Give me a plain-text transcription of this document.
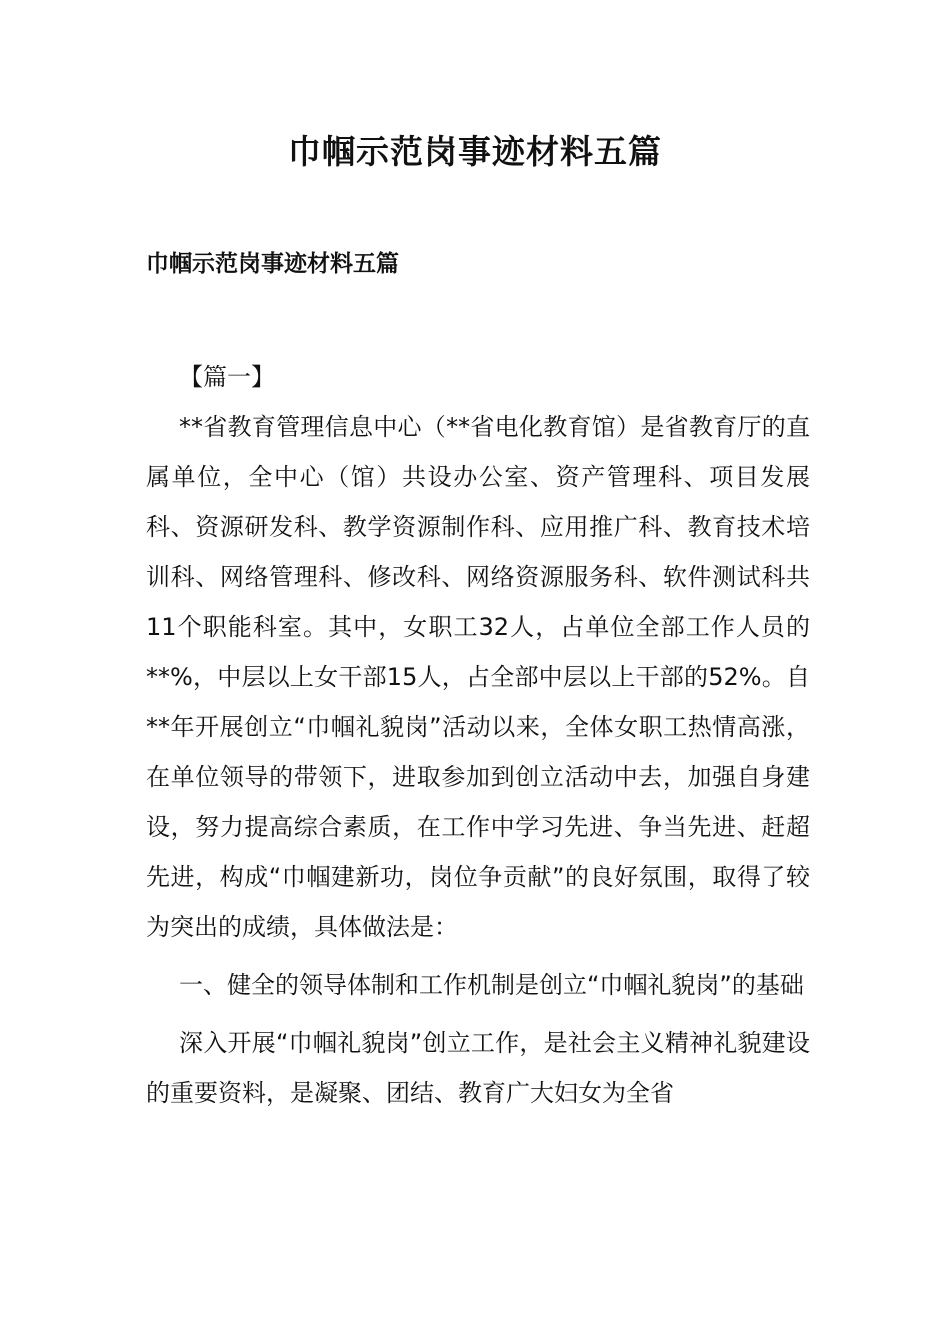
巾帼示范岗事迹材料五篇
巾帼示范岗事迹材料五篇

【篇一】

**省教育管理信息中心（**省电化教育馆）是省教育厅的直属单位，全中心（馆）共设办公室、资产管理科、项目发展科、资源研发科、教学资源制作科、应用推广科、教育技术培训科、网络管理科、修改科、网络资源服务科、软件测试科共11个职能科室。其中，女职工32人，占单位全部工作人员的**%，中层以上女干部15人，占全部中层以上干部的52%。自**年开展创立“巾帼礼貌岗”活动以来，全体女职工热情高涨，在单位领导的带领下，进取参加到创立活动中去，加强自身建设，努力提高综合素质，在工作中学习先进、争当先进、赶超先进，构成“巾帼建新功，岗位争贡献”的良好氛围，取得了较为突出的成绩，具体做法是：

一、健全的领导体制和工作机制是创立“巾帼礼貌岗”的基础

深入开展“巾帼礼貌岗”创立工作，是社会主义精神礼貌建设的重要资料，是凝聚、团结、教育广大妇女为全省
